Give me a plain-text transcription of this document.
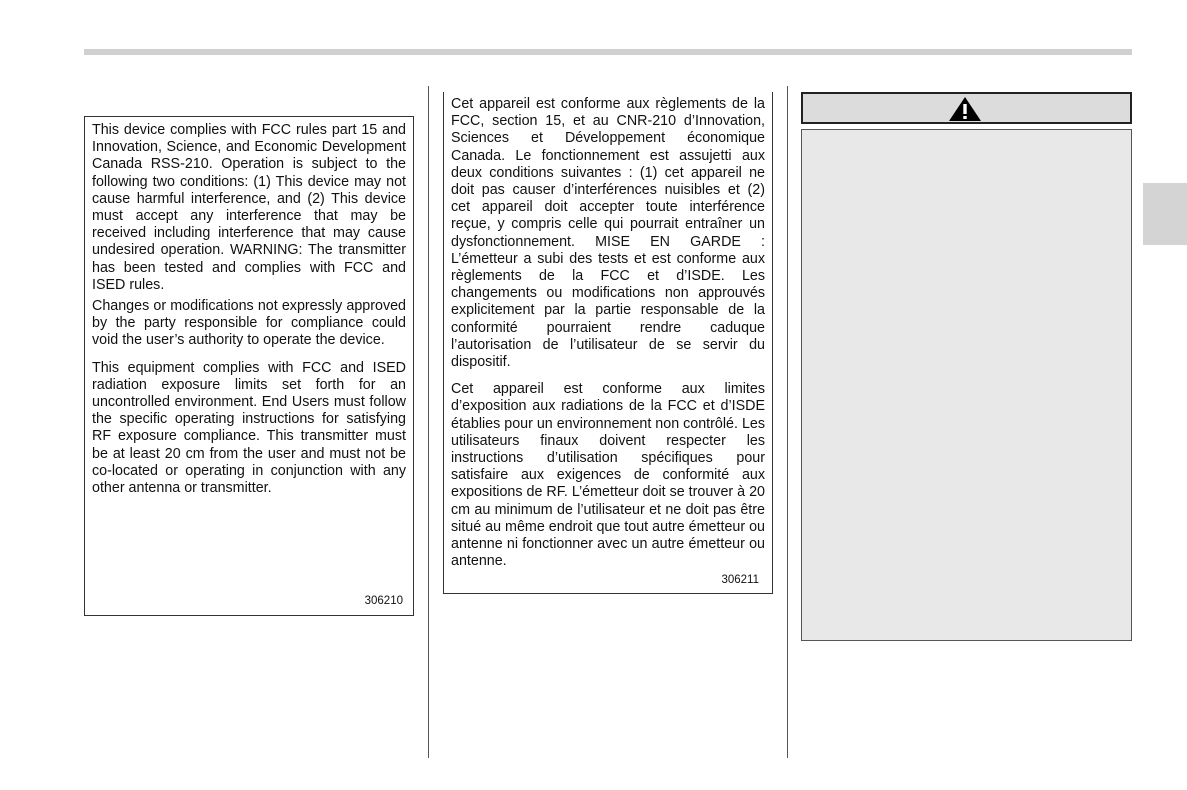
This device complies with FCC rules part 15 and Innovation, Science, and Economic Development Canada RSS-210. Operation is subject to the following two conditions: (1) This device may not cause harmful interference, and (2) This device must accept any interference that may be received including interference that may cause undesired operation. WARNING: The transmitter has been tested and complies with FCC and ISED rules.

Changes or modifications not expressly approved by the party responsible for compliance could void the user’s authority to operate the device.

This equipment complies with FCC and ISED radiation exposure limits set forth for an uncontrolled environment. End Users must follow the specific operating instructions for satisfying RF exposure compliance. This transmitter must be at least 20 cm from the user and must not be co-located or operating in conjunction with any other antenna or transmitter.

306210

Cet appareil est conforme aux règlements de la FCC, section 15, et au CNR-210 d’Innovation, Sciences et Développement économique Canada. Le fonctionnement est assujetti aux deux conditions suivantes : (1) cet appareil ne doit pas causer d’interférences nuisibles et (2) cet appareil doit accepter toute interférence reçue, y compris celle qui pourrait entraîner un dysfonctionnement. MISE EN GARDE : L’émetteur a subi des tests et est conforme aux règlements de la FCC et d’ISDE. Les changements ou modifications non approuvés explicitement par la partie responsable de la conformité pourraient rendre caduque l’autorisation de l’utilisateur de se servir du dispositif.

Cet appareil est conforme aux limites d’exposition aux radiations de la FCC et d’ISDE établies pour un environnement non contrôlé. Les utilisateurs finaux doivent respecter les instructions d’utilisation spécifiques pour satisfaire aux exigences de conformité aux expositions de RF. L’émetteur doit se trouver à 20 cm au minimum de l’utilisateur et ne doit pas être situé au même endroit que tout autre émetteur ou antenne ni fonctionner avec un autre émetteur ou antenne.

306211
